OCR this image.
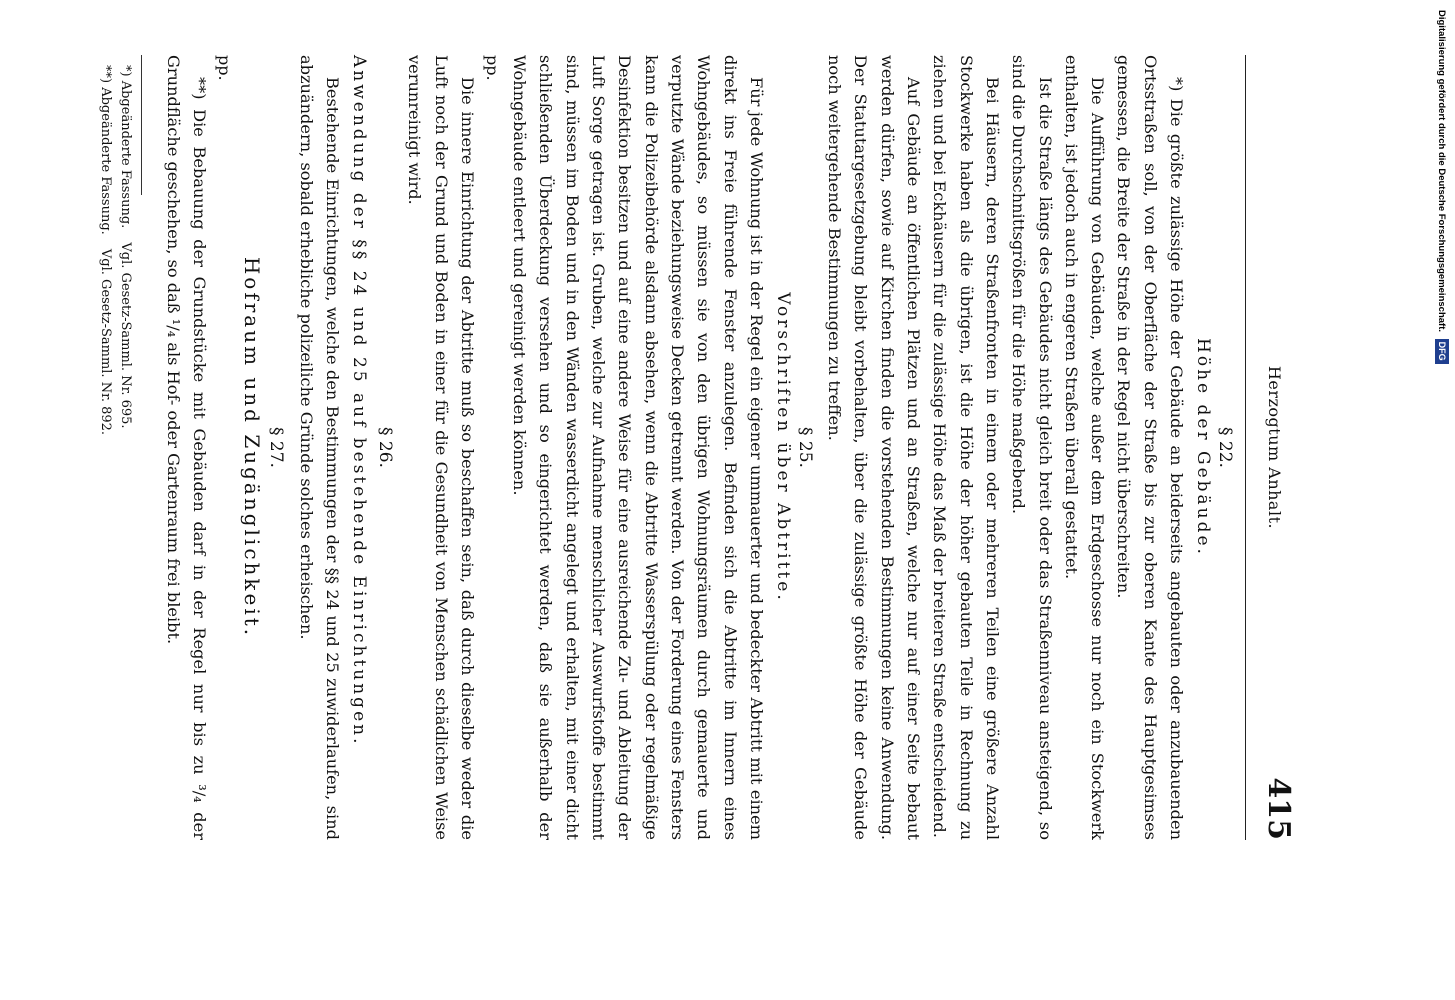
Herzogtum Anhalt.
415
§ 22.
Höhe der Gebäude.

*) Die größte zulässige Höhe der Gebäude an beiderseits angebauten oder anzubauenden Ortsstraßen soll, von der Oberfläche der Straße bis zur oberen Kante des Hauptgesimses gemessen, die Breite der Straße in der Regel nicht überschreiten.

Die Aufführung von Gebäuden, welche außer dem Erdgeschosse nur noch ein Stockwerk enthalten, ist jedoch auch in engeren Straßen überall gestattet.

Ist die Straße längs des Gebäudes nicht gleich breit oder das Straßenniveau ansteigend, so sind die Durchschnittsgrößen für die Höhe maßgebend.

Bei Häusern, deren Straßenfronten in einem oder mehreren Teilen eine größere Anzahl Stockwerke haben als die übrigen, ist die Höhe der höher gebauten Teile in Rechnung zu ziehen und bei Eckhäusern für die zulässige Höhe das Maß der breiteren Straße entscheidend.

Auf Gebäude an öffentlichen Plätzen und an Straßen, welche nur auf einer Seite bebaut werden dürfen, sowie auf Kirchen finden die vorstehenden Bestimmungen keine Anwendung. Der Statutargesetzgebung bleibt vorbehalten, über die zulässige größte Höhe der Gebäude noch weitergehende Bestimmungen zu treffen.

§ 25.
Vorschriften über Abtritte.

Für jede Wohnung ist in der Regel ein eigener ummauerter und bedeckter Abtritt mit einem direkt ins Freie führende Fenster anzulegen. Befinden sich die Abtritte im Innern eines Wohngebäudes, so müssen sie von den übrigen Wohnungsräumen durch gemauerte und verputzte Wände beziehungsweise Decken getrennt werden. Von der Forderung eines Fensters kann die Polizeibehörde alsdann absehen, wenn die Abtritte Wasserspülung oder regelmäßige Desinfektion besitzen und auf eine andere Weise für eine ausreichende Zu- und Ableitung der Luft Sorge getragen ist. Gruben, welche zur Aufnahme menschlicher Auswurfstoffe bestimmt sind, müssen im Boden und in den Wänden wasserdicht angelegt und erhalten, mit einer dicht schließenden Überdeckung versehen und so eingerichtet werden, daß sie außerhalb der Wohngebäude entleert und gereinigt werden können.

pp.

Die innere Einrichtung der Abtritte muß so beschaffen sein, daß durch dieselbe weder die Luft noch der Grund und Boden in einer für die Gesundheit von Menschen schädlichen Weise verunreinigt wird.

§ 26.

Anwendung der §§ 24 und 25 auf bestehende Einrichtungen.

Bestehende Einrichtungen, welche den Bestimmungen der §§ 24 und 25 zuwiderlaufen, sind abzuändern, sobald erhebliche polizeiliche Gründe solches erheischen.

§ 27.
Hofraum und Zugänglichkeit.

pp.

**) Die Bebauung der Grundstücke mit Gebäuden darf in der Regel nur bis zu ³/₄ der Grundfläche geschehen, so daß ¹/₄ als Hof- oder Gartenraum frei bleibt.

*) Abgeänderte Fassung. Vgl. Gesetz-Samml. Nr. 695.

**) Abgeänderte Fassung. Vgl. Gesetz-Samml. Nr. 892.

Digitalisierung gefördert durch die Deutsche Forschungsgemeinschaft. DFG
